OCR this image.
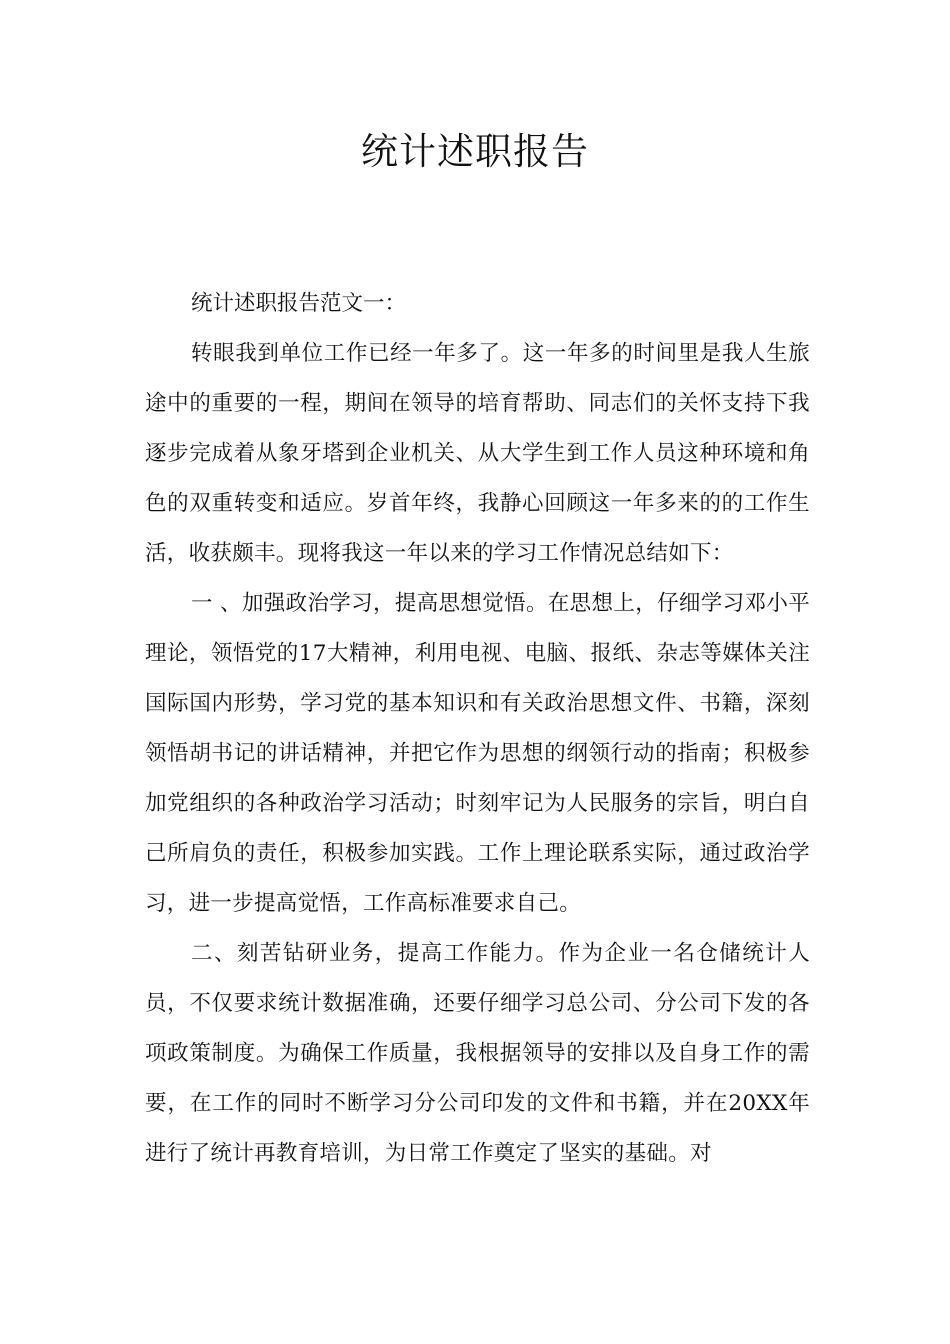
统计述职报告

统计述职报告范文一：

转眼我到单位工作已经一年多了。这一年多的时间里是我人生旅途中的重要的一程，期间在领导的培育帮助、同志们的关怀支持下我逐步完成着从象牙塔到企业机关、从大学生到工作人员这种环境和角色的双重转变和适应。岁首年终，我静心回顾这一年多来的的工作生活，收获颇丰。现将我这一年以来的学习工作情况总结如下：

一 、加强政治学习，提高思想觉悟。在思想上，仔细学习邓小平理论，领悟党的17大精神，利用电视、电脑、报纸、杂志等媒体关注国际国内形势，学习党的基本知识和有关政治思想文件、书籍，深刻领悟胡书记的讲话精神，并把它作为思想的纲领行动的指南；积极参加党组织的各种政治学习活动；时刻牢记为人民服务的宗旨，明白自己所肩负的责任，积极参加实践。工作上理论联系实际，通过政治学习，进一步提高觉悟，工作高标准要求自己。

二、刻苦钻研业务，提高工作能力。作为企业一名仓储统计人员，不仅要求统计数据准确，还要仔细学习总公司、分公司下发的各项政策制度。为确保工作质量，我根据领导的安排以及自身工作的需要，在工作的同时不断学习分公司印发的文件和书籍，并在20XX年进行了统计再教育培训，为日常工作奠定了坚实的基础。对
